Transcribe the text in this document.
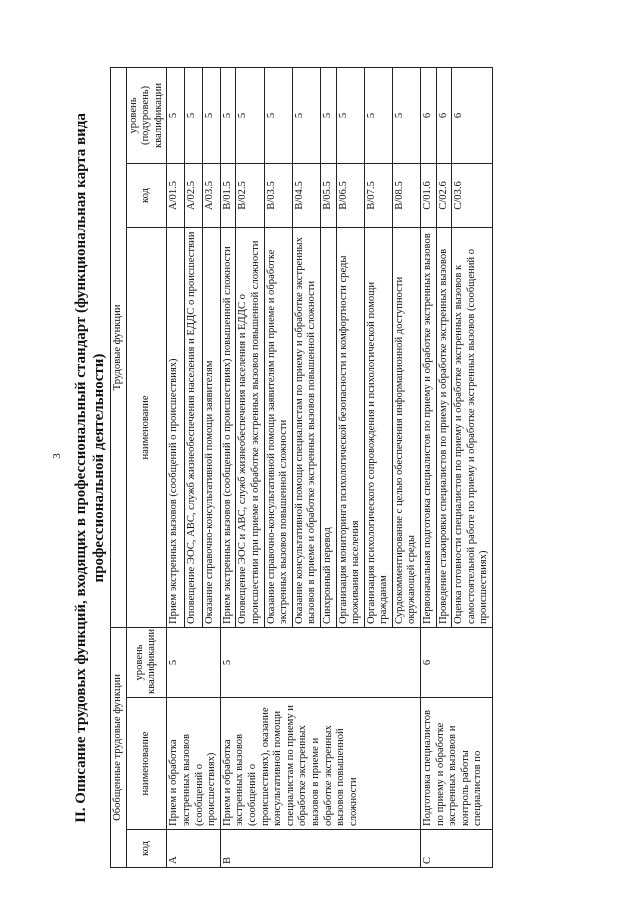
3 II. Описание трудовых функций, входящих в профессиональный стандарт (функциональная карта вида профессиональной деятельности)
Обобщенные трудовые функции			Трудовые функции		
код	наименование	уровень квалификации	наименование	код	уровень (подуровень) квалификации
A	Прием и обработка экстренных вызовов (сообщений о происшествиях)	5	Прием экстренных вызовов (сообщений о происшествиях)	A/01.5	5
			Оповещение ЭОС, АВС, служб жизнеобеспечения населения и ЕДДС о происшествии	A/02.5	5
			Оказание справочно-консультативной помощи заявителям	A/03.5	5
B	Прием и обработка экстренных вызовов (сообщений о происшествиях), оказание консультативной помощи специалистам по приему и обработке экстренных вызовов в приеме и обработке экстренных вызовов повышенной сложности	5	Прием экстренных вызовов (сообщений о происшествиях) повышенной сложности	B/01.5	5
			Оповещение ЭОС и АВС, служб жизнеобеспечения населения и ЕДДС о происшествии при приеме и обработке экстренных вызовов повышенной сложности	B/02.5	5
			Оказание справочно-консультативной помощи заявителям при приеме и обработке экстренных вызовов повышенной сложности	B/03.5	5
			Оказание консультативной помощи специалистам по приему и обработке экстренных вызовов в приеме и обработке экстренных вызовов повышенной сложности	B/04.5	5
			Синхронный перевод	B/05.5	5
			Организация мониторинга психологической безопасности и комфортности среды проживания населения	B/06.5	5
			Организация психологического сопровождения и психологической помощи гражданам	B/07.5	5
			Сурдокомментирование с целью обеспечения информационной доступности окружающей среды	B/08.5	5
C	Подготовка специалистов по приему и обработке экстренных вызовов и контроль работы специалистов по	6	Первоначальная подготовка специалистов по приему и обработке экстренных вызовов	C/01.6	6
			Проведение стажировки специалистов по приему и обработке экстренных вызовов	C/02.6	6
			Оценка готовности специалистов по приему и обработке экстренных вызовов к самостоятельной работе по приему и обработке экстренных вызовов (сообщений о происшествиях)	C/03.6	6
